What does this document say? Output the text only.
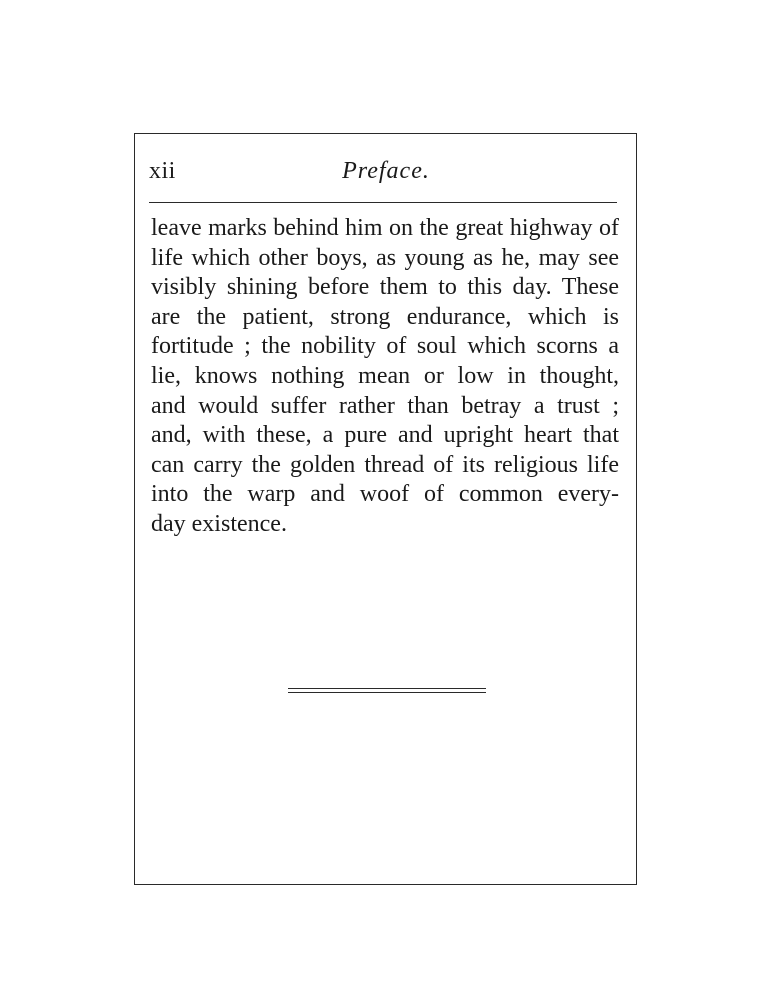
xii	Preface.
leave marks behind him on the great highway of
life which other boys, as young as he, may see
visibly shining before them to this day. These
are the patient, strong endurance, which is
fortitude ; the nobility of soul which scorns a
lie, knows nothing mean or low in thought,
and would suffer rather than betray a trust ;
and, with these, a pure and upright heart that
can carry the golden thread of its religious life
into the warp and woof of common every-
day existence.
